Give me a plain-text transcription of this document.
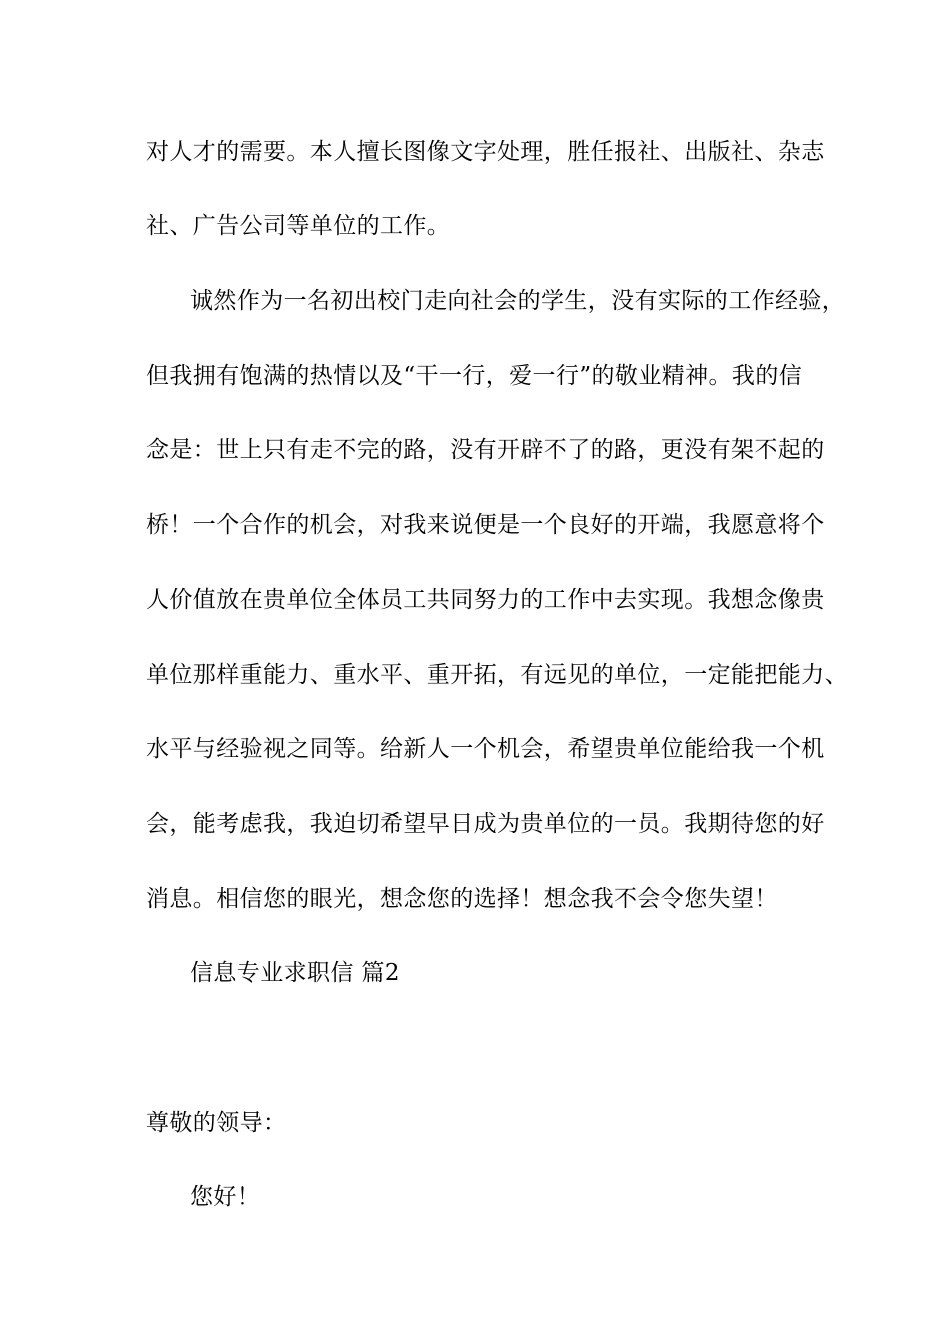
对人才的需要。本人擅长图像文字处理，胜任报社、出版社、杂志
社、广告公司等单位的工作。
诚然作为一名初出校门走向社会的学生，没有实际的工作经验，
但我拥有饱满的热情以及“干一行，爱一行”的敬业精神。我的信
念是：世上只有走不完的路，没有开辟不了的路，更没有架不起的
桥！一个合作的机会，对我来说便是一个良好的开端，我愿意将个
人价值放在贵单位全体员工共同努力的工作中去实现。我想念像贵
单位那样重能力、重水平、重开拓，有远见的单位，一定能把能力、
水平与经验视之同等。给新人一个机会，希望贵单位能给我一个机
会，能考虑我，我迫切希望早日成为贵单位的一员。我期待您的好
消息。相信您的眼光，想念您的选择！想念我不会令您失望！
信息专业求职信 篇2
尊敬的领导：
您好！
